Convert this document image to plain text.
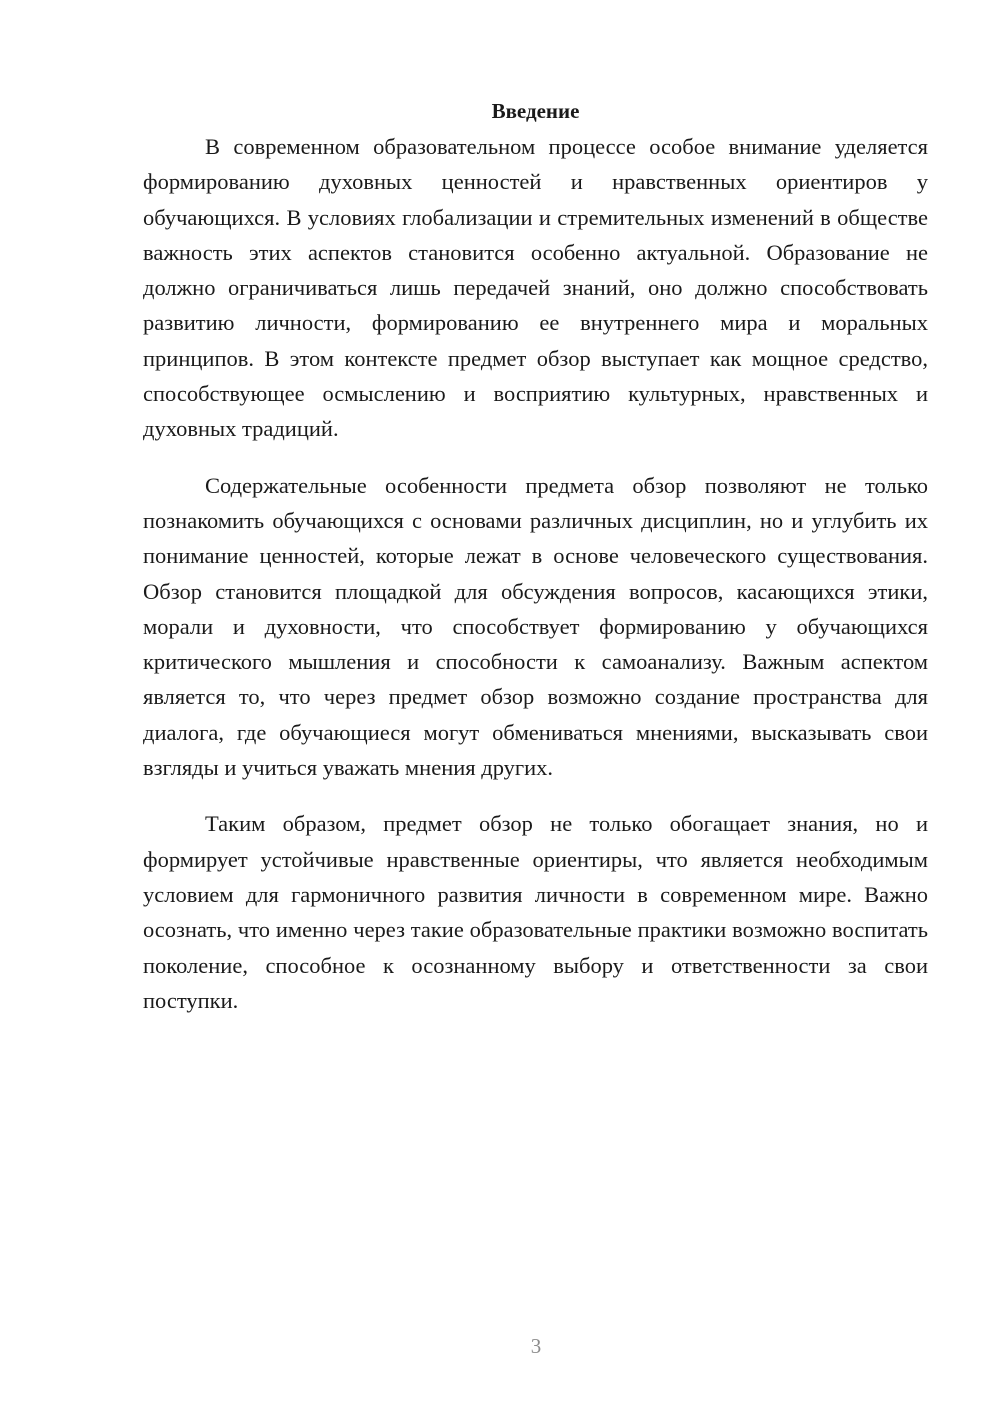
Введение

В современном образовательном процессе особое внимание уделяется формированию духовных ценностей и нравственных ориентиров у обучающихся. В условиях глобализации и стремительных изменений в обществе важность этих аспектов становится особенно актуальной. Образование не должно ограничиваться лишь передачей знаний, оно должно способствовать развитию личности, формированию ее внутреннего мира и моральных принципов. В этом контексте предмет обзор выступает как мощное средство, способствующее осмыслению и восприятию культурных, нравственных и духовных традиций.

Содержательные особенности предмета обзор позволяют не только познакомить обучающихся с основами различных дисциплин, но и углубить их понимание ценностей, которые лежат в основе человеческого существования. Обзор становится площадкой для обсуждения вопросов, касающихся этики, морали и духовности, что способствует формированию у обучающихся критического мышления и способности к самоанализу. Важным аспектом является то, что через предмет обзор возможно создание пространства для диалога, где обучающиеся могут обмениваться мнениями, высказывать свои взгляды и учиться уважать мнения других.

Таким образом, предмет обзор не только обогащает знания, но и формирует устойчивые нравственные ориентиры, что является необходимым условием для гармоничного развития личности в современном мире. Важно осознать, что именно через такие образовательные практики возможно воспитать поколение, способное к осознанному выбору и ответственности за свои поступки.

3
